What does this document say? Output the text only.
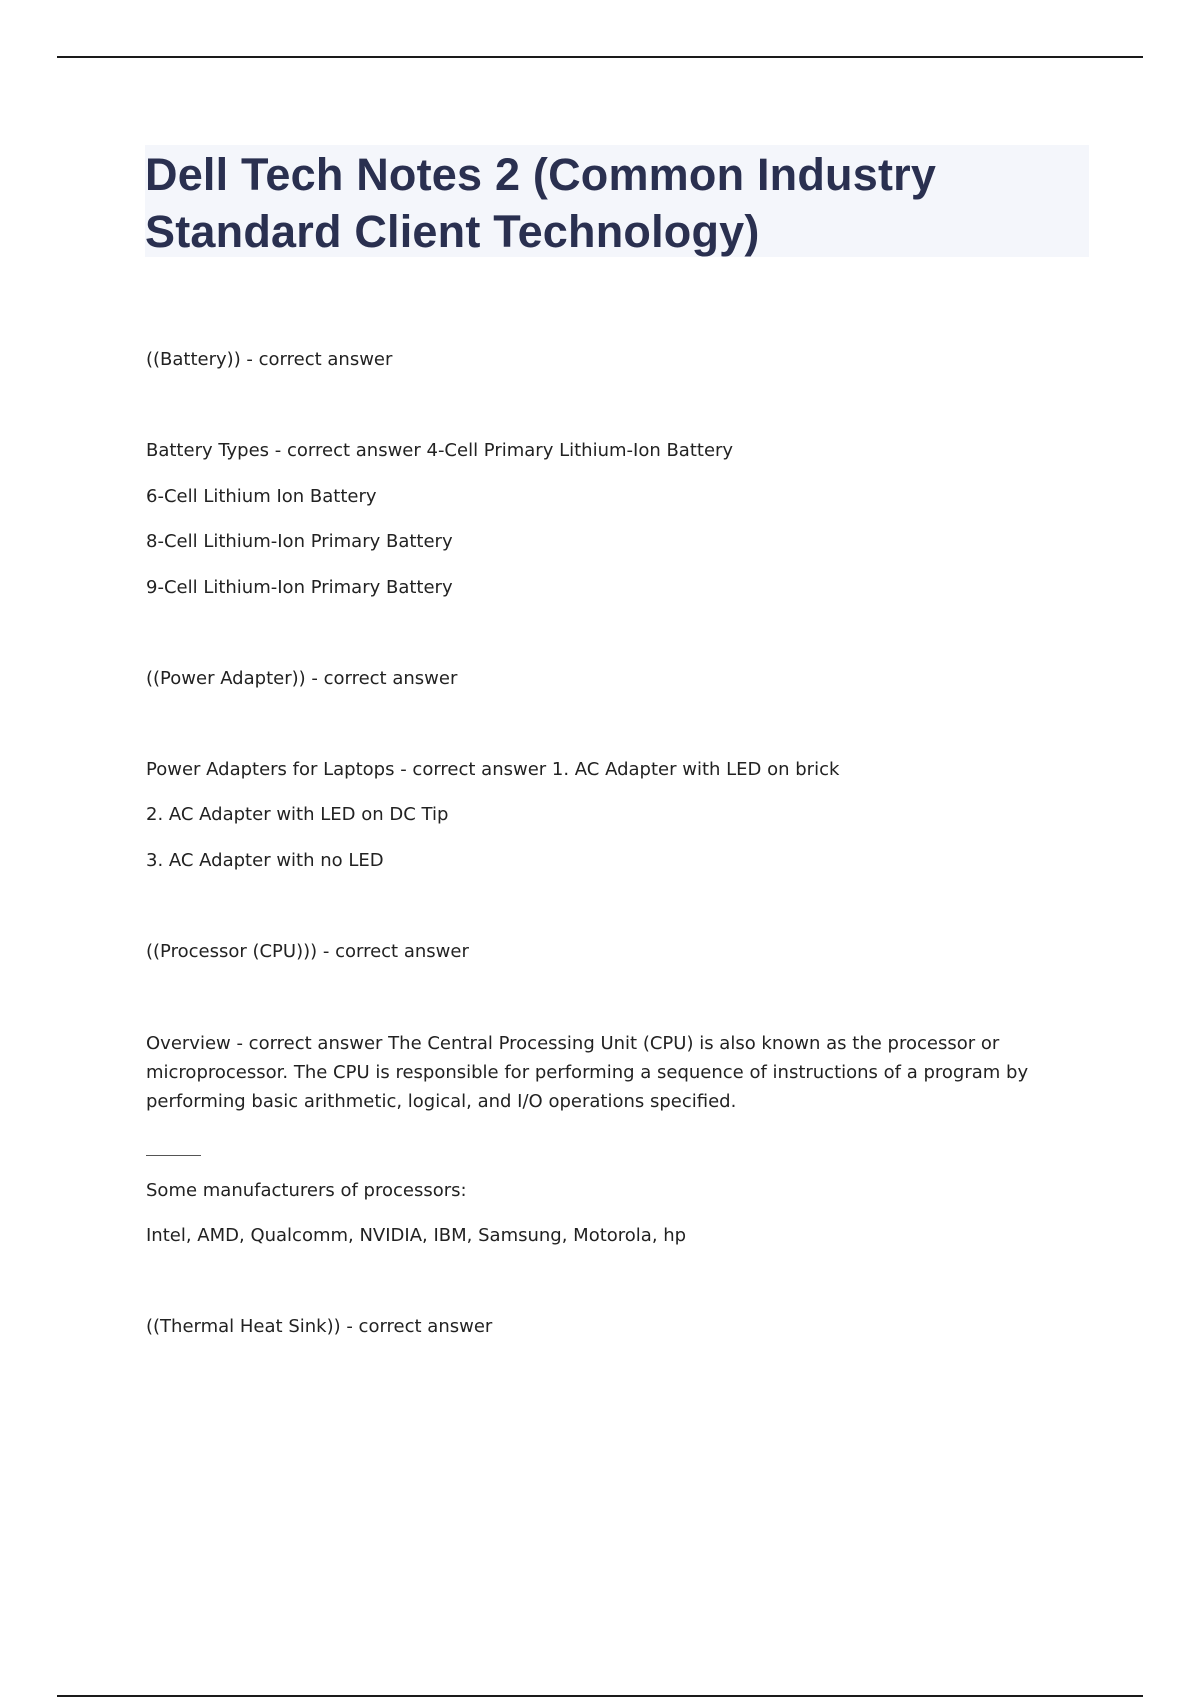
Dell Tech Notes 2 (Common Industry Standard Client Technology)
((Battery)) - correct answer
Battery Types - correct answer 4-Cell Primary Lithium-Ion Battery
6-Cell Lithium Ion Battery
8-Cell Lithium-Ion Primary Battery
9-Cell Lithium-Ion Primary Battery
((Power Adapter)) - correct answer
Power Adapters for Laptops - correct answer 1. AC Adapter with LED on brick
2. AC Adapter with LED on DC Tip
3. AC Adapter with no LED
((Processor (CPU))) - correct answer
Overview - correct answer The Central Processing Unit (CPU) is also known as the processor or microprocessor. The CPU is responsible for performing a sequence of instructions of a program by performing basic arithmetic, logical, and I/O operations specified.
Some manufacturers of processors:
Intel, AMD, Qualcomm, NVIDIA, IBM, Samsung, Motorola, hp
((Thermal Heat Sink)) - correct answer
